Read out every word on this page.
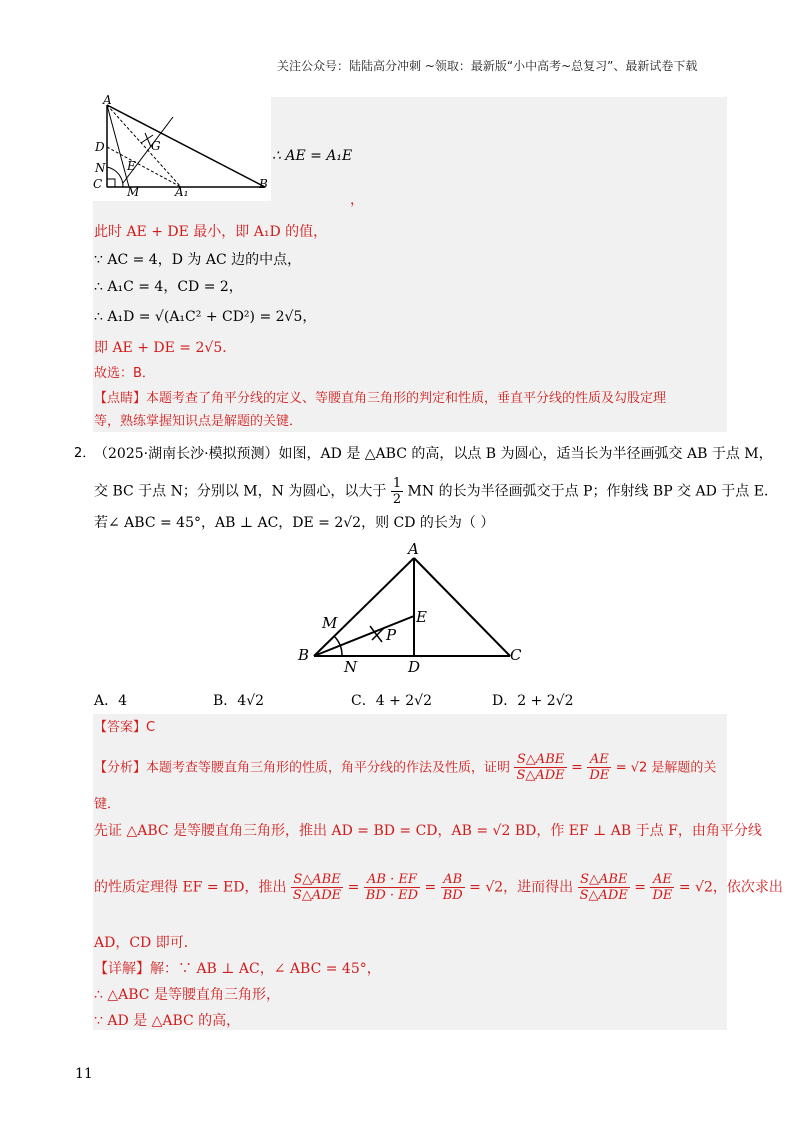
关注公众号：陆陆高分冲刺 ~领取：最新版“小中高考~总复习”、最新试卷下载
A
D	G
N E
C
M	A₁
B
∴ AE = A₁E
，
此时 AE + DE 最小，即 A₁D 的值，
∵ AC = 4，D 为 AC 边的中点，
∴ A₁C = 4，CD = 2，
∴ A₁D = √(A₁C² + CD²) = 2√5，
即 AE + DE = 2√5．
故选：B．
【点睛】本题考查了角平分线的定义、等腰直角三角形的判定和性质，垂直平分线的性质及勾股定理
等，熟练掌握知识点是解题的关键．
2．
（2025·湖南长沙·模拟预测）如图，AD 是 △ABC 的高，以点 B 为圆心，适当长为半径画弧交 AB 于点 M，
交 BC 于点 N；分别以 M，N 为圆心，以大于 $\frac{1}{2}$ MN 的长为半径画弧交于点 P；作射线 BP 交 AD 于点 E．
若∠ ABC = 45°，AB ⊥ AC，DE = 2√2，则 CD 的长为（ ）
A
E
M
P
B
N	D
C
A．4	B．4√2	C．4 + 2√2	D．2 + 2√2
【答案】C
【分析】本题考查等腰直角三角形的性质，角平分线的作法及性质，证明 $\frac{\text{S△ABE}}{\text{S△ADE}} = \frac{AE}{DE} = √2$ 是解题的关
键．
先证 △ABC 是等腰直角三角形，推出 AD = BD = CD，AB = √2 BD，作 EF ⊥ AB 于点 F，由角平分线
的性质定理得 EF = ED，推出 $\frac{\text{S△ABE}}{\text{S△ADE}} = \frac{AB \cdot EF}{BD \cdot ED} = \frac{AB}{BD} = √2$，进而得出 $\frac{\text{S△ABE}}{\text{S△ADE}} = \frac{AE}{DE} = √2$，依次求出
AD，CD 即可．
【详解】解：∵ AB ⊥ AC，∠ ABC = 45°，
∴ △ABC 是等腰直角三角形，
∵ AD 是 △ABC 的高，
11
